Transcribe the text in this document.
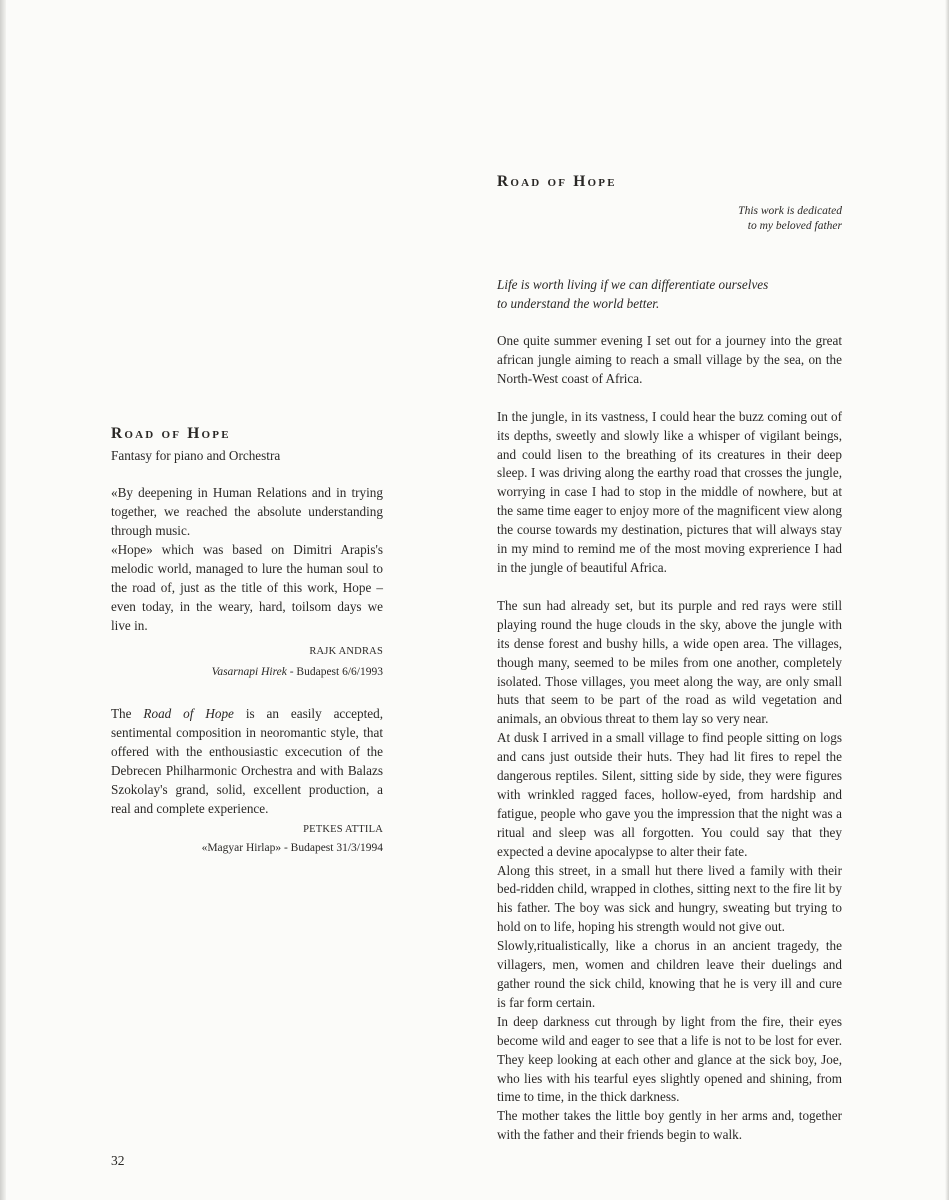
Road of Hope

Fantasy for piano and Orchestra

«By deepening in Human Relations and in trying together, we reached the absolute understanding through music.

«Hope» which was based on Dimitri Arapis's melodic world, managed to lure the human soul to the road of, just as the title of this work, Hope – even today, in the weary, hard, toilsom days we live in.

RAJK ANDRAS

Vasarnapi Hirek - Budapest 6/6/1993

The Road of Hope is an easily accepted, sentimental composition in neoromantic style, that offered with the enthousiastic excecution of the Debrecen Philharmonic Orchestra and with Balazs Szokolay's grand, solid, excellent production, a real and complete experience.

PETKES ATTILA

«Magyar Hirlap» - Budapest 31/3/1994

Road of Hope

This work is dedicated
to my beloved father

Life is worth living if we can differentiate ourselves
to understand the world better.

One quite summer evening I set out for a journey into the great african jungle aiming to reach a small village by the sea, on the North-West coast of Africa.

In the jungle, in its vastness, I could hear the buzz coming out of its depths, sweetly and slowly like a whisper of vigilant beings, and could lisen to the breathing of its creatures in their deep sleep. I was driving along the earthy road that crosses the jungle, worrying in case I had to stop in the middle of nowhere, but at the same time eager to enjoy more of the magnificent view along the course towards my destination, pictures that will always stay in my mind to remind me of the most moving exprerience I had in the jungle of beautiful Africa.

The sun had already set, but its purple and red rays were still playing round the huge clouds in the sky, above the jungle with its dense forest and bushy hills, a wide open area. The villages, though many, seemed to be miles from one another, completely isolated. Those villages, you meet along the way, are only small huts that seem to be part of the road as wild vegetation and animals, an obvious threat to them lay so very near.

At dusk I arrived in a small village to find people sitting on logs and cans just outside their huts. They had lit fires to repel the dangerous reptiles. Silent, sitting side by side, they were figures with wrinkled ragged faces, hollow-eyed, from hardship and fatigue, people who gave you the impression that the night was a ritual and sleep was all forgotten. You could say that they expected a devine apocalypse to alter their fate.

Along this street, in a small hut there lived a family with their bed-ridden child, wrapped in clothes, sitting next to the fire lit by his father. The boy was sick and hungry, sweating but trying to hold on to life, hoping his strength would not give out.

Slowly,ritualistically, like a chorus in an ancient tragedy, the villagers, men, women and children leave their duelings and gather round the sick child, knowing that he is very ill and cure is far form certain.

In deep darkness cut through by light from the fire, their eyes become wild and eager to see that a life is not to be lost for ever. They keep looking at each other and glance at the sick boy, Joe, who lies with his tearful eyes slightly opened and shining, from time to time, in the thick darkness.

The mother takes the little boy gently in her arms and, together with the father and their friends begin to walk.

32
